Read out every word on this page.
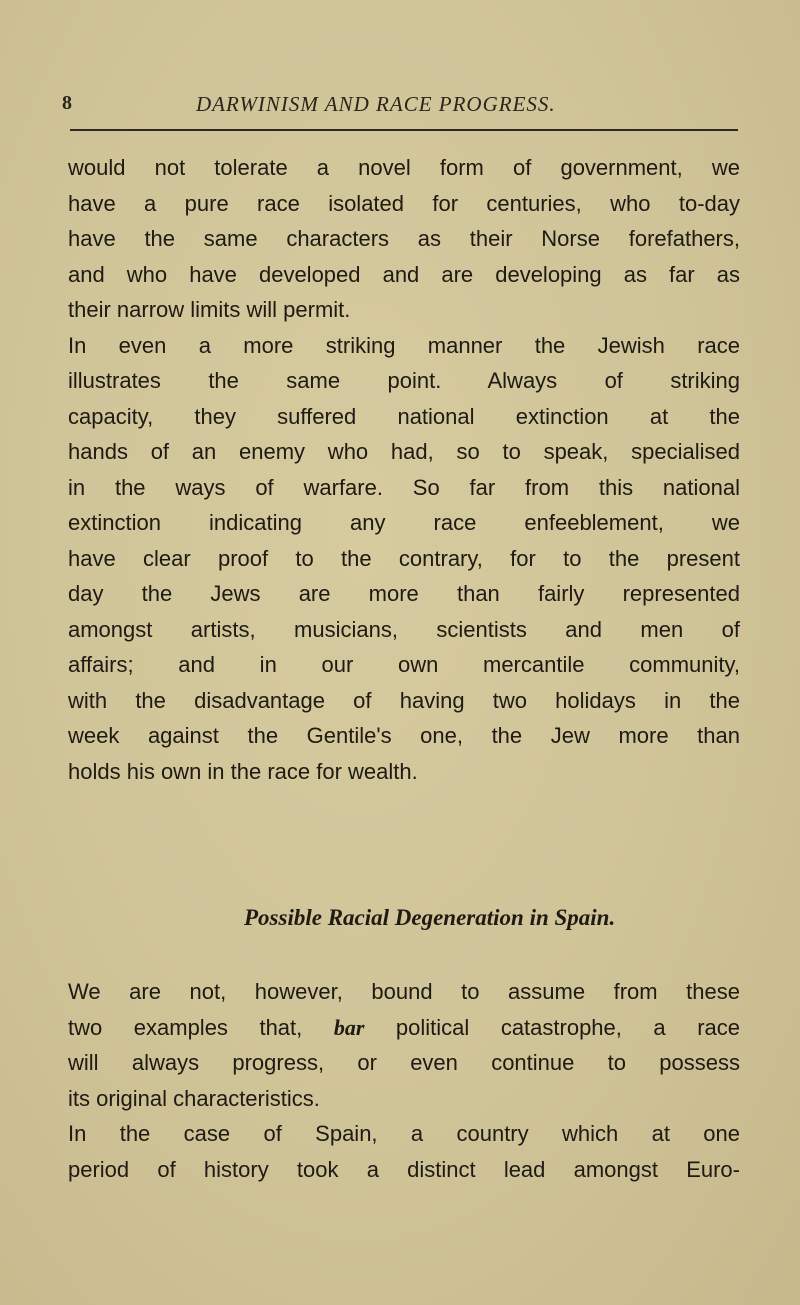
8	DARWINISM AND RACE PROGRESS.
would not tolerate a novel form of government, we
have a pure race isolated for centuries, who to-day
have the same characters as their Norse forefathers,
and who have developed and are developing as far as
their narrow limits will permit.
In even a more striking manner the Jewish race
illustrates the same point. Always of striking
capacity, they suffered national extinction at the
hands of an enemy who had, so to speak, specialised
in the ways of warfare. So far from this national
extinction indicating any race enfeeblement, we
have clear proof to the contrary, for to the present
day the Jews are more than fairly represented
amongst artists, musicians, scientists and men of
affairs; and in our own mercantile community,
with the disadvantage of having two holidays in the
week against the Gentile's one, the Jew more than
holds his own in the race for wealth.
Possible Racial Degeneration in Spain.
We are not, however, bound to assume from these
two examples that, bar political catastrophe, a race
will always progress, or even continue to possess
its original characteristics.
In the case of Spain, a country which at one
period of history took a distinct lead amongst Euro-
